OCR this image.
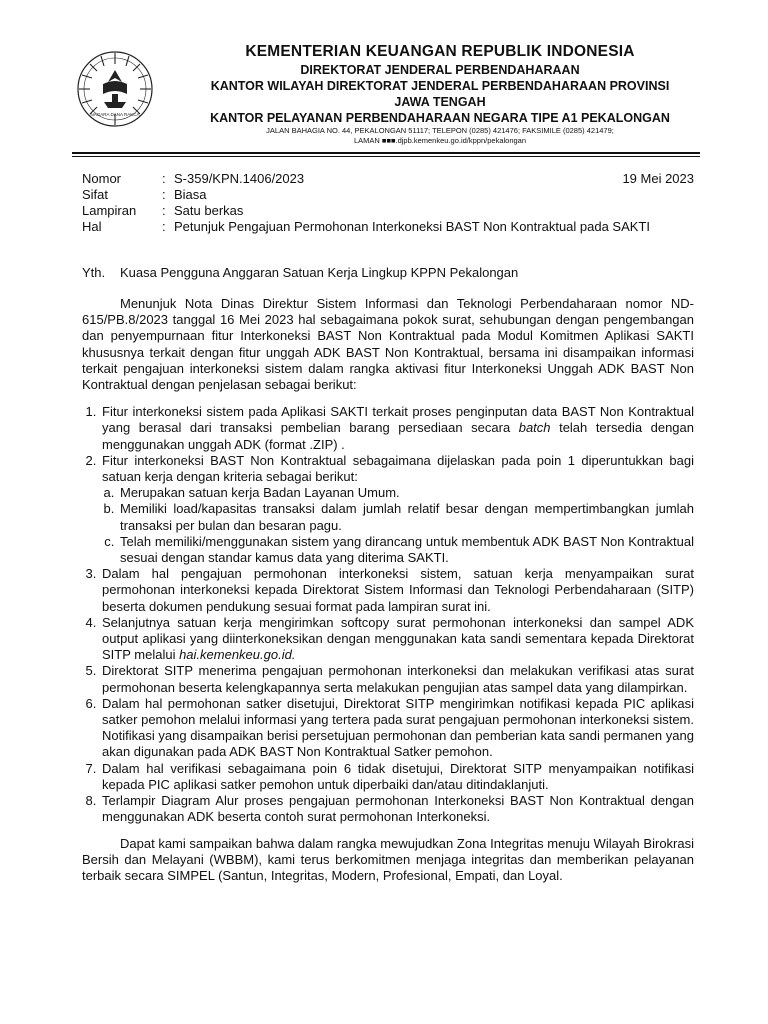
NAGARA DANA RAKCA
KEMENTERIAN KEUANGAN REPUBLIK INDONESIA
DIREKTORAT JENDERAL PERBENDAHARAAN
KANTOR WILAYAH DIREKTORAT JENDERAL PERBENDAHARAAN PROVINSI
JAWA TENGAH
KANTOR PELAYANAN PERBENDAHARAAN NEGARA TIPE A1 PEKALONGAN
JALAN BAHAGIA NO. 44, PEKALONGAN 51117; TELEPON (0285) 421476; FAKSIMILE (0285) 421479;
LAMAN ■■■.djpb.kemenkeu.go.id/kppn/pekalongan
Nomor	: S-359/KPN.1406/2023	19 Mei 2023
Sifat	: Biasa
Lampiran	: Satu berkas
Hal	: Petunjuk Pengajuan Permohonan Interkoneksi BAST Non Kontraktual pada SAKTI
Yth.	Kuasa Pengguna Anggaran Satuan Kerja Lingkup KPPN Pekalongan

Menunjuk Nota Dinas Direktur Sistem Informasi dan Teknologi Perbendaharaan nomor ND-615/PB.8/2023 tanggal 16 Mei 2023 hal sebagaimana pokok surat, sehubungan dengan pengembangan dan penyempurnaan fitur Interkoneksi BAST Non Kontraktual pada Modul Komitmen Aplikasi SAKTI khususnya terkait dengan fitur unggah ADK BAST Non Kontraktual, bersama ini disampaikan informasi terkait pengajuan interkoneksi sistem dalam rangka aktivasi fitur Interkoneksi Unggah ADK BAST Non Kontraktual dengan penjelasan sebagai berikut:

1. Fitur interkoneksi sistem pada Aplikasi SAKTI terkait proses penginputan data BAST Non Kontraktual yang berasal dari transaksi pembelian barang persediaan secara batch telah tersedia dengan menggunakan unggah ADK (format .ZIP) .
2. Fitur interkoneksi BAST Non Kontraktual sebagaimana dijelaskan pada poin 1 diperuntukkan bagi satuan kerja dengan kriteria sebagai berikut:
a. Merupakan satuan kerja Badan Layanan Umum.
b. Memiliki load/kapasitas transaksi dalam jumlah relatif besar dengan mempertimbangkan jumlah transaksi per bulan dan besaran pagu.
c. Telah memiliki/menggunakan sistem yang dirancang untuk membentuk ADK BAST Non Kontraktual sesuai dengan standar kamus data yang diterima SAKTI.
3. Dalam hal pengajuan permohonan interkoneksi sistem, satuan kerja menyampaikan surat permohonan interkoneksi kepada Direktorat Sistem Informasi dan Teknologi Perbendaharaan (SITP) beserta dokumen pendukung sesuai format pada lampiran surat ini.
4. Selanjutnya satuan kerja mengirimkan softcopy surat permohonan interkoneksi dan sampel ADK output aplikasi yang diinterkoneksikan dengan menggunakan kata sandi sementara kepada Direktorat SITP melalui hai.kemenkeu.go.id.
5. Direktorat SITP menerima pengajuan permohonan interkoneksi dan melakukan verifikasi atas surat permohonan beserta kelengkapannya serta melakukan pengujian atas sampel data yang dilampirkan.
6. Dalam hal permohonan satker disetujui, Direktorat SITP mengirimkan notifikasi kepada PIC aplikasi satker pemohon melalui informasi yang tertera pada surat pengajuan permohonan interkoneksi sistem. Notifikasi yang disampaikan berisi persetujuan permohonan dan pemberian kata sandi permanen yang akan digunakan pada ADK BAST Non Kontraktual Satker pemohon.
7. Dalam hal verifikasi sebagaimana poin 6 tidak disetujui, Direktorat SITP menyampaikan notifikasi kepada PIC aplikasi satker pemohon untuk diperbaiki dan/atau ditindaklanjuti.
8. Terlampir Diagram Alur proses pengajuan permohonan Interkoneksi BAST Non Kontraktual dengan menggunakan ADK beserta contoh surat permohonan Interkoneksi.

Dapat kami sampaikan bahwa dalam rangka mewujudkan Zona Integritas menuju Wilayah Birokrasi Bersih dan Melayani (WBBM), kami terus berkomitmen menjaga integritas dan memberikan pelayanan terbaik secara SIMPEL (Santun, Integritas, Modern, Profesional, Empati, dan Loyal.
